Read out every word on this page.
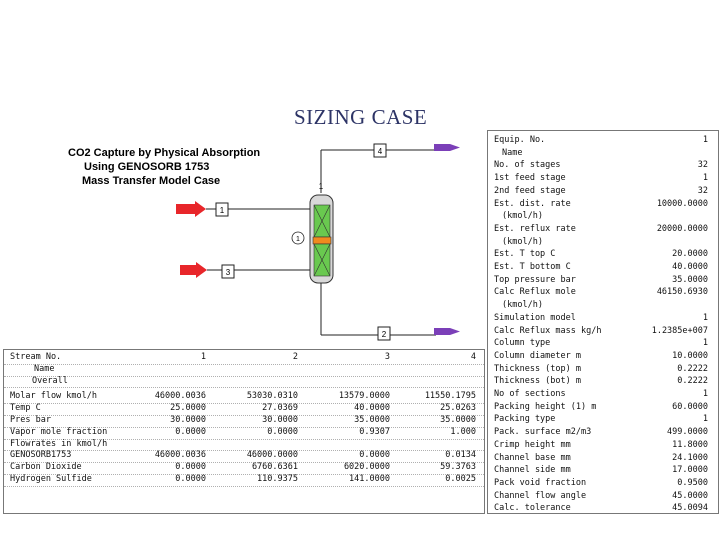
SIZING CASE
CO2 Capture by Physical Absorption
Using GENOSORB 1753
Mass Transfer Model Case
4
1
1
3
1
2
Equip. No.	1
Name
No. of stages	32
1st feed stage	1
2nd feed stage	32
Est. dist. rate	10000.0000
(kmol/h)
Est. reflux rate	20000.0000
(kmol/h)
Est. T top C	20.0000
Est. T bottom C	40.0000
Top pressure bar	35.0000
Calc Reflux mole	46150.6930
(kmol/h)
Simulation model	1
Calc Reflux mass kg/h	1.2385e+007
Column type	1
Column diameter m	10.0000
Thickness (top) m	0.2222
Thickness (bot) m	0.2222
No of sections	1
Packing height (1) m	60.0000
Packing type	1
Pack. surface m2/m3	499.0000
Crimp height mm	11.8000
Channel base mm	24.1000
Channel side mm	17.0000
Pack void fraction	0.9500
Channel flow angle	45.0000
Calc. tolerance	45.0094
Stream No.	1	2	3	4
Name
Overall
Molar flow kmol/h	46000.0036	53030.0310	13579.0000	11550.1795
Temp C	25.0000	27.0369	40.0000	25.0263
Pres bar	30.0000	30.0000	35.0000	35.0000
Vapor mole fraction	0.0000	0.0000	0.9307	1.000
Flowrates in kmol/h
GENOSORB1753	46000.0036	46000.0000	0.0000	0.0134
Carbon Dioxide	0.0000	6760.6361	6020.0000	59.3763
Hydrogen Sulfide	0.0000	110.9375	141.0000	0.0025
